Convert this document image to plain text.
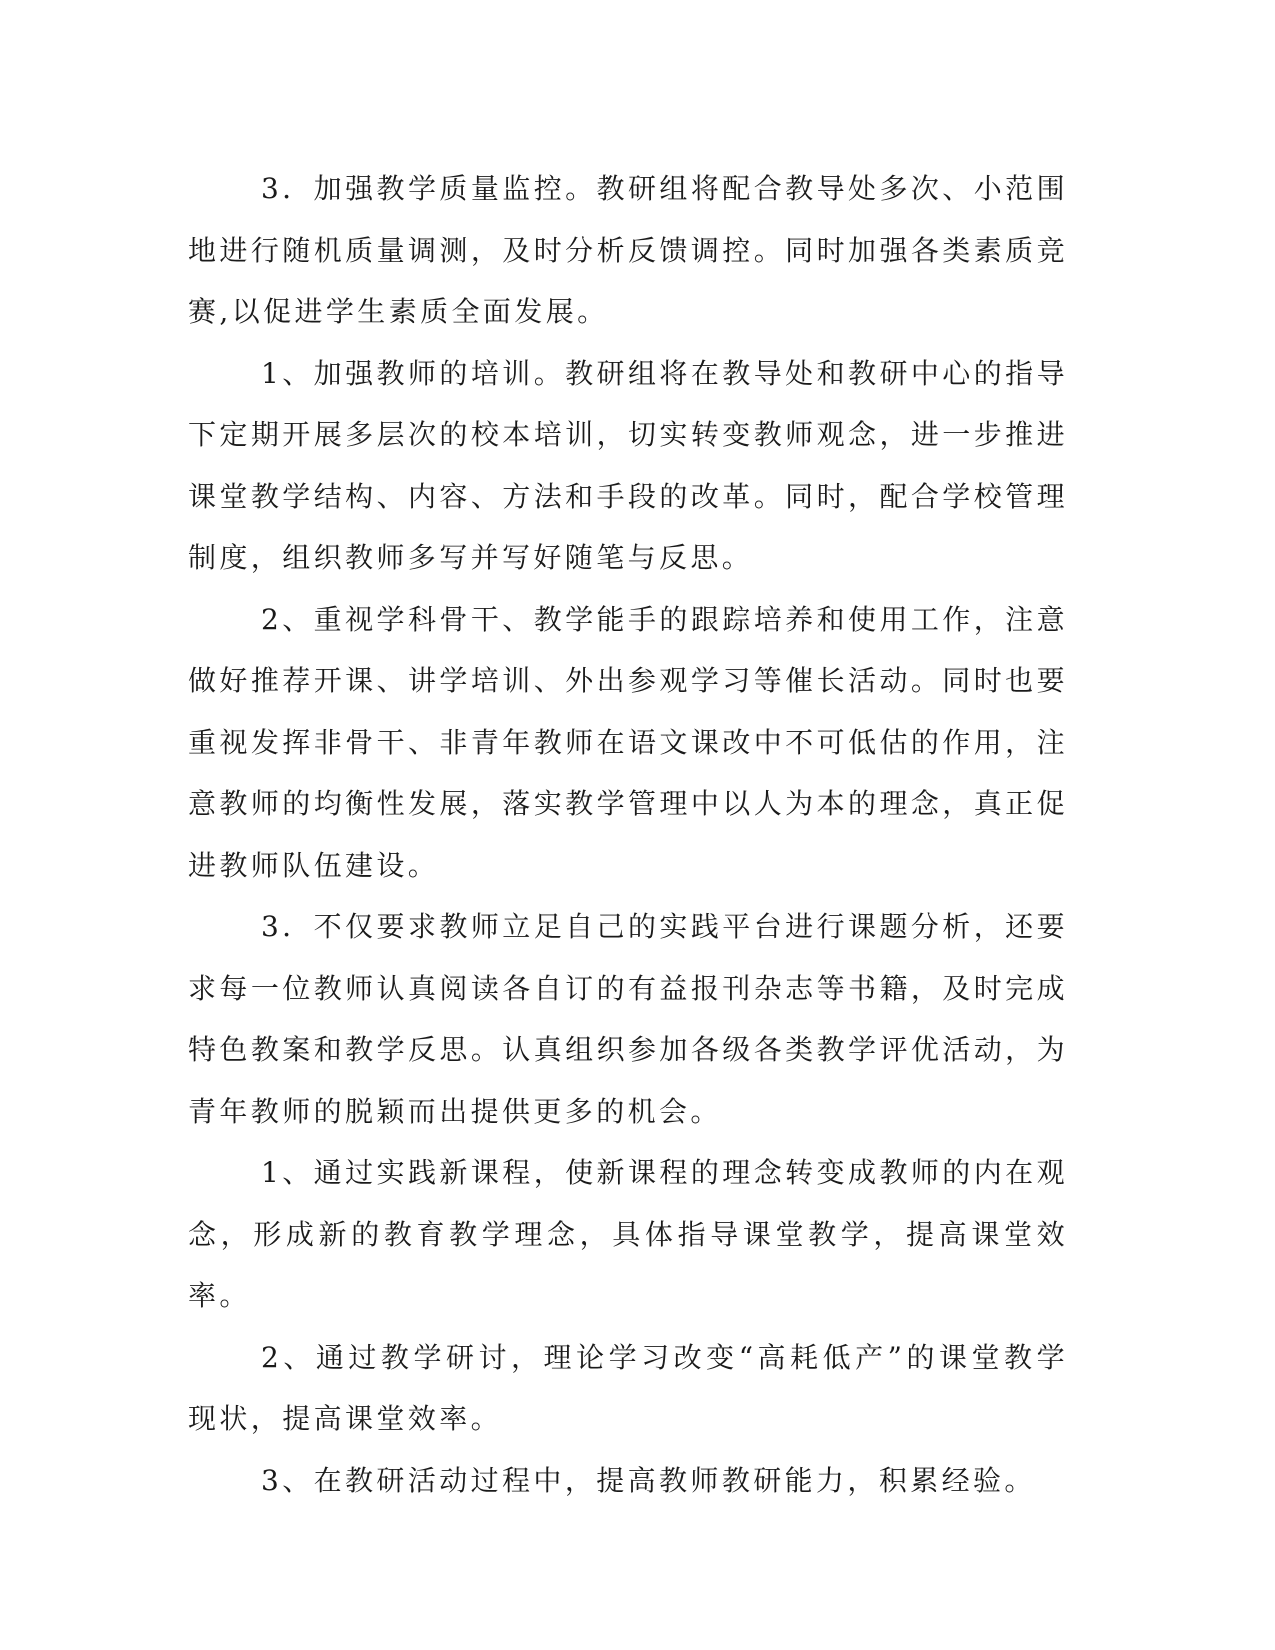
3．加强教学质量监控。教研组将配合教导处多次、小范围地进行随机质量调测，及时分析反馈调控。同时加强各类素质竞赛,以促进学生素质全面发展。

1、加强教师的培训。教研组将在教导处和教研中心的指导下定期开展多层次的校本培训，切实转变教师观念，进一步推进课堂教学结构、内容、方法和手段的改革。同时，配合学校管理制度，组织教师多写并写好随笔与反思。

2、重视学科骨干、教学能手的跟踪培养和使用工作，注意做好推荐开课、讲学培训、外出参观学习等催长活动。同时也要重视发挥非骨干、非青年教师在语文课改中不可低估的作用，注意教师的均衡性发展，落实教学管理中以人为本的理念，真正促进教师队伍建设。

3．不仅要求教师立足自己的实践平台进行课题分析，还要求每一位教师认真阅读各自订的有益报刊杂志等书籍，及时完成特色教案和教学反思。认真组织参加各级各类教学评优活动，为青年教师的脱颖而出提供更多的机会。

1、通过实践新课程，使新课程的理念转变成教师的内在观念，形成新的教育教学理念，具体指导课堂教学，提高课堂效率。

2、通过教学研讨，理论学习改变“高耗低产”的课堂教学现状，提高课堂效率。

3、在教研活动过程中，提高教师教研能力，积累经验。
